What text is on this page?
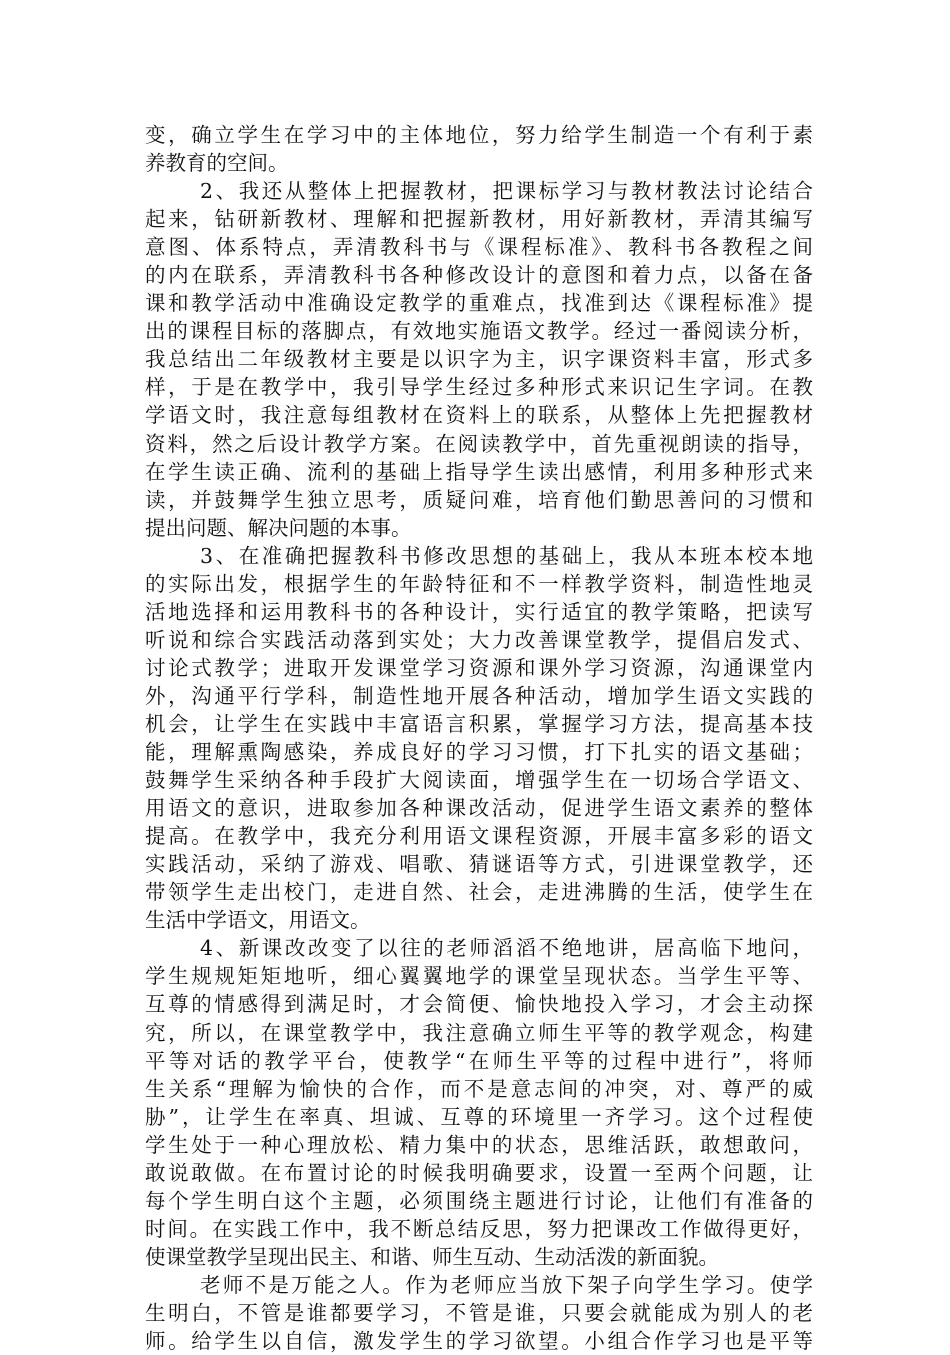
变，确立学生在学习中的主体地位，努力给学生制造一个有利于素
养教育的空间。
2、我还从整体上把握教材，把课标学习与教材教法讨论结合
起来，钻研新教材、理解和把握新教材，用好新教材，弄清其编写
意图、体系特点，弄清教科书与《课程标准》、教科书各教程之间
的内在联系，弄清教科书各种修改设计的意图和着力点，以备在备
课和教学活动中准确设定教学的重难点，找准到达《课程标准》提
出的课程目标的落脚点，有效地实施语文教学。经过一番阅读分析，
我总结出二年级教材主要是以识字为主，识字课资料丰富，形式多
样，于是在教学中，我引导学生经过多种形式来识记生字词。在教
学语文时，我注意每组教材在资料上的联系，从整体上先把握教材
资料，然之后设计教学方案。在阅读教学中，首先重视朗读的指导，
在学生读正确、流利的基础上指导学生读出感情，利用多种形式来
读，并鼓舞学生独立思考，质疑问难，培育他们勤思善问的习惯和
提出问题、解决问题的本事。
3、在准确把握教科书修改思想的基础上，我从本班本校本地
的实际出发，根据学生的年龄特征和不一样教学资料，制造性地灵
活地选择和运用教科书的各种设计，实行适宜的教学策略，把读写
听说和综合实践活动落到实处；大力改善课堂教学，提倡启发式、
讨论式教学；进取开发课堂学习资源和课外学习资源，沟通课堂内
外，沟通平行学科，制造性地开展各种活动，增加学生语文实践的
机会，让学生在实践中丰富语言积累，掌握学习方法，提高基本技
能，理解熏陶感染，养成良好的学习习惯，打下扎实的语文基础；
鼓舞学生采纳各种手段扩大阅读面，增强学生在一切场合学语文、
用语文的意识，进取参加各种课改活动，促进学生语文素养的整体
提高。在教学中，我充分利用语文课程资源，开展丰富多彩的语文
实践活动，采纳了游戏、唱歌、猜谜语等方式，引进课堂教学，还
带领学生走出校门，走进自然、社会，走进沸腾的生活，使学生在
生活中学语文，用语文。
4、新课改改变了以往的老师滔滔不绝地讲，居高临下地问，
学生规规矩矩地听，细心翼翼地学的课堂呈现状态。当学生平等、
互尊的情感得到满足时，才会简便、愉快地投入学习，才会主动探
究，所以，在课堂教学中，我注意确立师生平等的教学观念，构建
平等对话的教学平台，使教学“在师生平等的过程中进行”，将师
生关系“理解为愉快的合作，而不是意志间的冲突，对、尊严的威
胁”，让学生在率真、坦诚、互尊的环境里一齐学习。这个过程使
学生处于一种心理放松、精力集中的状态，思维活跃，敢想敢问，
敢说敢做。在布置讨论的时候我明确要求，设置一至两个问题，让
每个学生明白这个主题，必须围绕主题进行讨论，让他们有准备的
时间。在实践工作中，我不断总结反思，努力把课改工作做得更好，
使课堂教学呈现出民主、和谐、师生互动、生动活泼的新面貌。
老师不是万能之人。作为老师应当放下架子向学生学习。使学
生明白，不管是谁都要学习，不管是谁，只要会就能成为别人的老
师。给学生以自信，激发学生的学习欲望。小组合作学习也是平等
